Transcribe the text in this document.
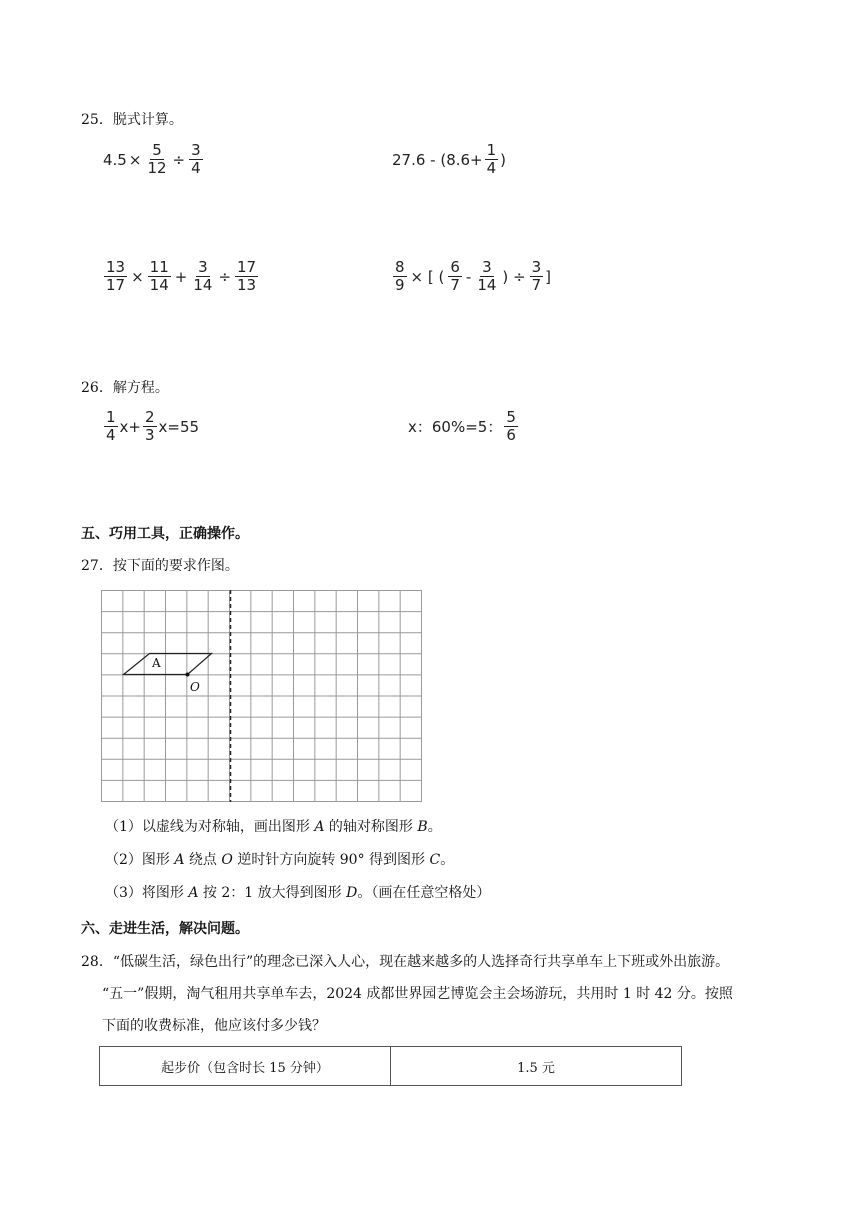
25．脱式计算。
$4.5 \times \frac{5}{12} \div \frac{3}{4}$	$27.6 - (8.6+ \frac{1}{4}$ )
$\frac{13}{17} \times \frac{11}{14} + \frac{3}{14} \div \frac{17}{13}$	$\frac{8}{9}$ × [ ( $\frac{6}{7} - \frac{3}{14}$ ) ÷ $\frac{3}{7}$ ]
26．解方程。
$\frac{1}{4} x+ \frac{2}{3} x=55$	x：60%=5： $\frac{5}{6}$
五、巧用工具，正确操作。
27．按下面的要求作图。
A
O
（1）以虚线为对称轴，画出图形 A 的轴对称图形 B。
（2）图形 A 绕点 O 逆时针方向旋转 90° 得到图形 C。
（3）将图形 A 按 2：1 放大得到图形 D。（画在任意空格处）
六、走进生活，解决问题。
28．“低碳生活，绿色出行”的理念已深入人心，现在越来越多的人选择奇行共享单车上下班或外出旅游。
“五一”假期，淘气租用共享单车去，2024 成都世界园艺博览会主会场游玩，共用时 1 时 42 分。按照
下面的收费标准，他应该付多少钱？
起步价（包含时长 15 分钟）	1.5 元
